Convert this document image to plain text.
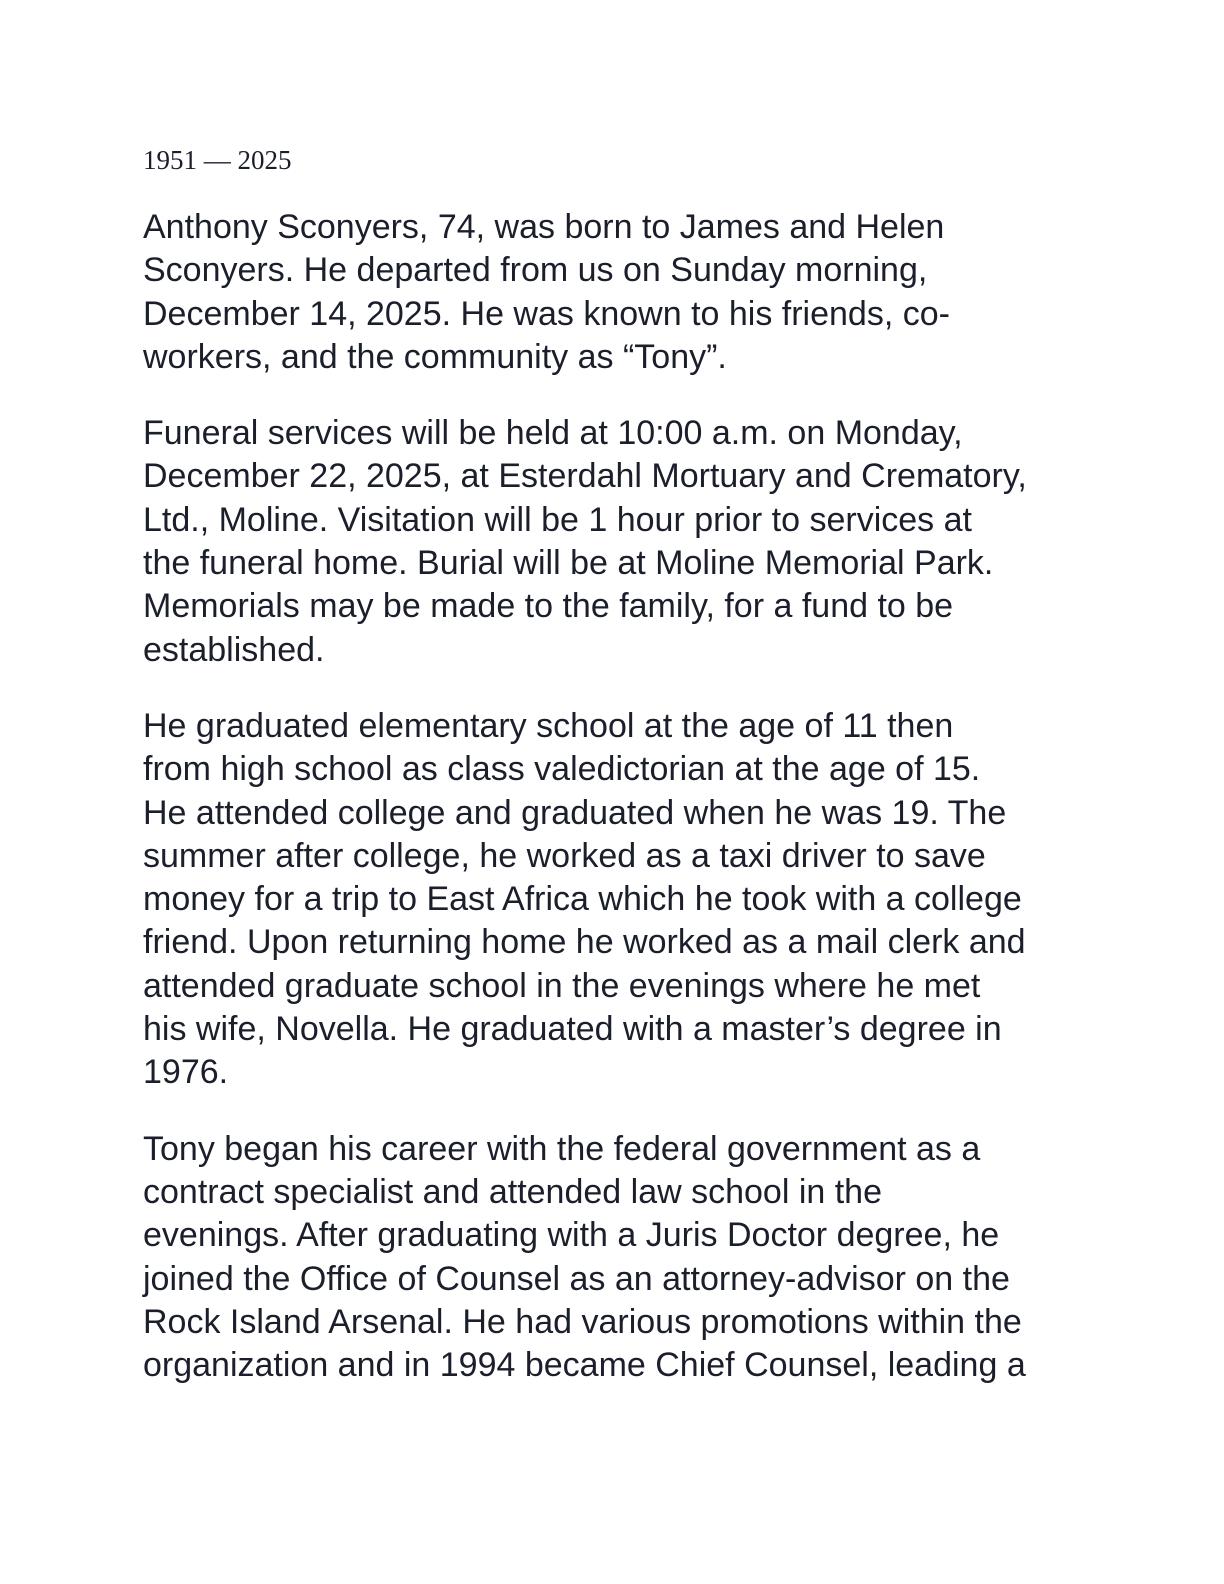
1951 — 2025
Anthony Sconyers, 74, was born to James and Helen
Sconyers. He departed from us on Sunday morning,
December 14, 2025. He was known to his friends, co-
workers, and the community as “Tony”.
Funeral services will be held at 10:00 a.m. on Monday,
December 22, 2025, at Esterdahl Mortuary and Crematory,
Ltd., Moline. Visitation will be 1 hour prior to services at
the funeral home. Burial will be at Moline Memorial Park.
Memorials may be made to the family, for a fund to be
established.
He graduated elementary school at the age of 11 then
from high school as class valedictorian at the age of 15.
He attended college and graduated when he was 19. The
summer after college, he worked as a taxi driver to save
money for a trip to East Africa which he took with a college
friend. Upon returning home he worked as a mail clerk and
attended graduate school in the evenings where he met
his wife, Novella. He graduated with a master’s degree in
1976.
Tony began his career with the federal government as a
contract specialist and attended law school in the
evenings. After graduating with a Juris Doctor degree, he
joined the Office of Counsel as an attorney-advisor on the
Rock Island Arsenal. He had various promotions within the
organization and in 1994 became Chief Counsel, leading a
